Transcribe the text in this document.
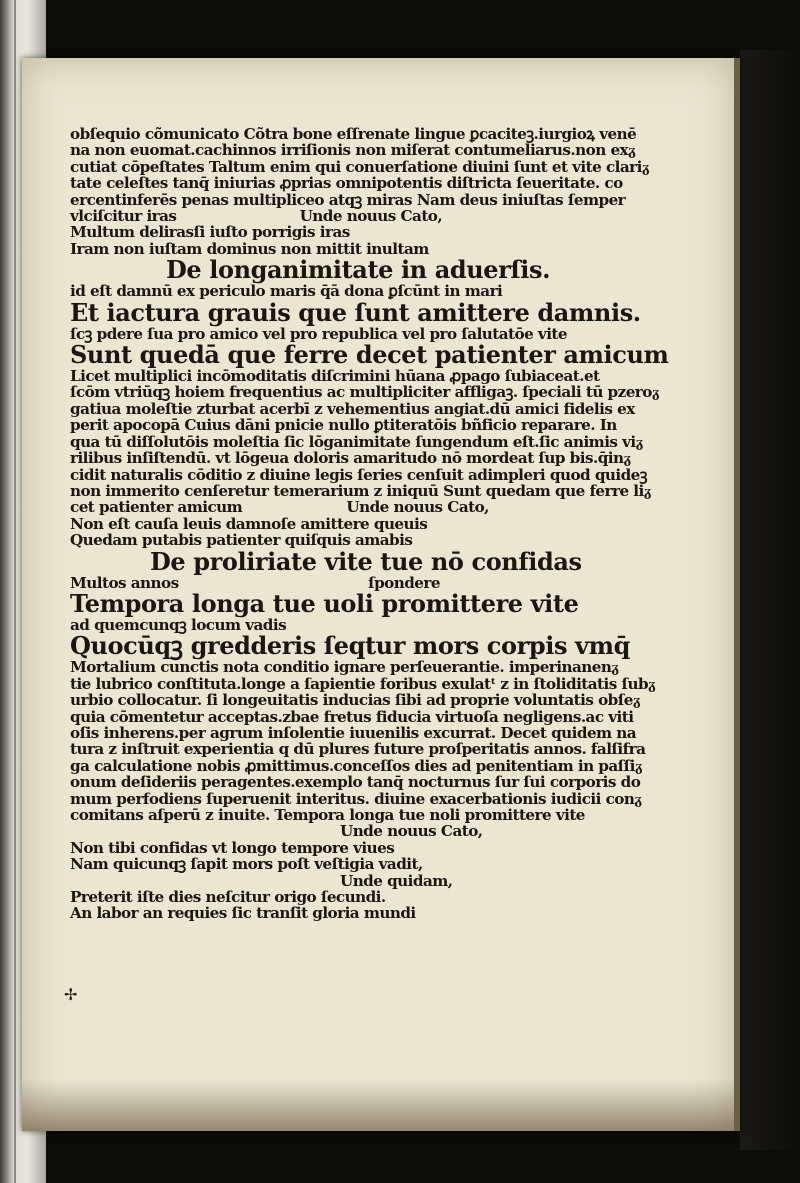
obſequio cõmunicato Cõtra bone eſſrenate lingue ꝑcaciteꝫ.iurgioꝝ venē
na non euomat.cachinnos irriſionis non miſerat contumeliarus.non exᵹ
cutiat cōpeſtates Taltum enim qui conuerſatione diuini ſunt et vite clariᵹ
tate celeſtes tanq̄ iniurias ꝓprias omnipotentis diſtricta ſeueritate. co
ercentinferēs penas multipliceo atqꝫ miras Nam deus iniuſtas ſemper
vlciſcitur iras                          Unde nouus Cato,
Multum delirasſi iuſto porrigis iras
Iram non iuſtam dominus non mittit inultam
De longanimitate in aduerſis.
id eſt damnū ex periculo maris q̄ā dona ꝑſcūnt in mari
Et iactura grauis que ſunt amittere damnis.
ſcꝫ pdere ſua pro amico vel pro republica vel pro ſalutatōe vite
Sunt quedā que ferre decet patienter amicum
Licet multiplici incōmoditatis diſcrimini hūana ꝓpago ſubiaceat.et
ſcōm vtriūqꝫ hoiem frequentius ac multipliciter affligaꝫ. ſpeciali tū pzeroᵹ
gatiua moleſtie zturbat acerbī z vehementius angiat.dū amici fidelis ex
perit apocopā Cuius dāni pnicie nullo ꝑtiteratōis bñficio reparare. In
qua tū diſſolutōis moleſtia ſic lōganimitate ſungendum eſt.ſic animis viᵹ
rilibus inſiſtendū. vt lōgeua doloris amaritudo nō mordeat ſup bis.q̄inᵹ
cidit naturalis cōditio z diuine legis ſeries cenſuit adimpleri quod quideꝫ
non immerito cenſeretur temerarium z iniquū Sunt quedam que ferre liᵹ
cet patienter amicum                      Unde nouus Cato,
Non eſt cauſa leuis damnoſe amittere queuis
Quedam putabis patienter quiſquis amabis
De proliriate vite tue nō confidas
Multos annos                                        ſpondere
Tempora longa tue uoli promittere vite
ad quemcunqꝫ locum vadis
Quocūqꝫ gredderis ſeqtur mors corpis vmq̄
Mortalium cunctis nota conditio ignare perſeuerantie. imperinanenᵹ
tie lubrico conſtituta.longe a ſapientie foribus exulatᵗ z in ſtoliditatis ſubᵹ
urbio collocatur. ſi longeuitatis inducias ſibi ad proprie voluntatis obſeᵹ
quia cōmentetur acceptas.zbae fretus fiducia virtuoſa negligens.ac viti
oſis inherens.per agrum inſolentie iuuenilis excurrat. Decet quidem na
tura z inſtruit experientia q dū plures future proſperitatis annos. falſifra
ga calculatione nobis ꝓmittimus.conceſſos dies ad penitentiam in paſſiᵹ
onum deſideriis peragentes.exemplo tanq̄ nocturnus ſur ſui corporis do
mum perfodiens ſuperuenit interitus. diuine exacerbationis iudicii conᵹ
comitans aſperū z inuite. Tempora longa tue noli promittere vite
Unde nouus Cato,
Non tibi confidas vt longo tempore viues
Nam quicunqꝫ ſapit mors poſt veſtigia vadit,
Unde quidam,
Preterit iſte dies neſcitur origo ſecundi.
An labor an requies ſic tranſit gloria mundi
✢
